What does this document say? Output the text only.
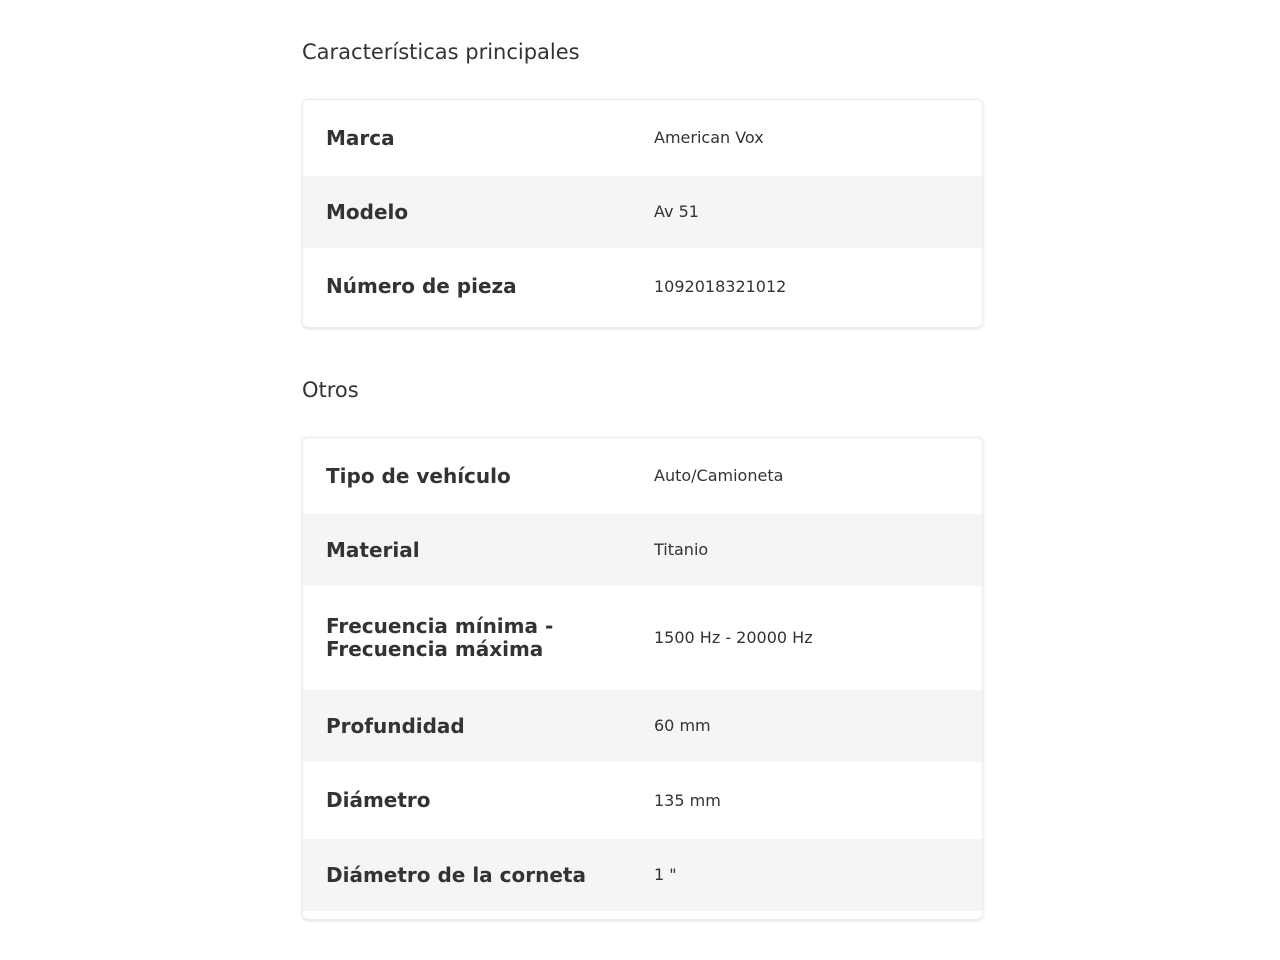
Características principales
Marca	American Vox
Modelo	Av 51
Número de pieza	1092018321012
Otros
Tipo de vehículo	Auto/Camioneta
Material	Titanio
Frecuencia mínima - Frecuencia máxima	1500 Hz - 20000 Hz
Profundidad	60 mm
Diámetro	135 mm
Diámetro de la corneta	1 "
